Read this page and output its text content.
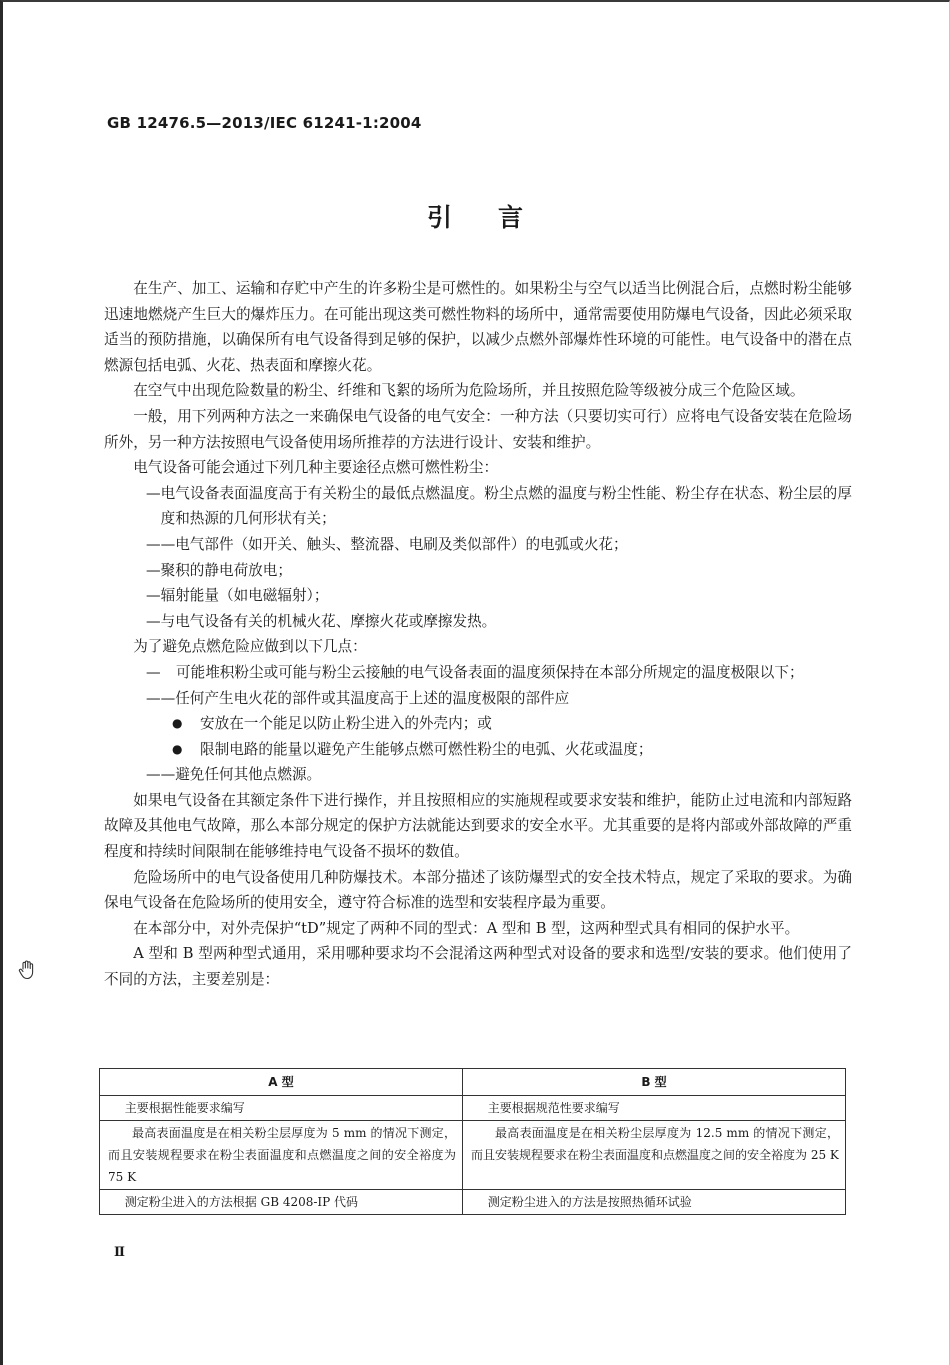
GB 12476.5—2013/IEC 61241-1:2004
引言

在生产、加工、运输和存贮中产生的许多粉尘是可燃性的。如果粉尘与空气以适当比例混合后，点燃时粉尘能够迅速地燃烧产生巨大的爆炸压力。在可能出现这类可燃性物料的场所中，通常需要使用防爆电气设备，因此必须采取适当的预防措施，以确保所有电气设备得到足够的保护，以减少点燃外部爆炸性环境的可能性。电气设备中的潜在点燃源包括电弧、火花、热表面和摩擦火花。

在空气中出现危险数量的粉尘、纤维和飞絮的场所为危险场所，并且按照危险等级被分成三个危险区域。

一般，用下列两种方法之一来确保电气设备的电气安全：一种方法（只要切实可行）应将电气设备安装在危险场所外，另一种方法按照电气设备使用场所推荐的方法进行设计、安装和维护。

电气设备可能会通过下列几种主要途径点燃可燃性粉尘：

— 电气设备表面温度高于有关粉尘的最低点燃温度。粉尘点燃的温度与粉尘性能、粉尘存在状态、粉尘层的厚度和热源的几何形状有关；
—— 电气部件（如开关、触头、整流器、电刷及类似部件）的电弧或火花；
— 聚积的静电荷放电；
— 辐射能量（如电磁辐射）；
— 与电气设备有关的机械火花、摩擦火花或摩擦发热。

为了避免点燃危险应做到以下几点：

—	可能堆积粉尘或可能与粉尘云接触的电气设备表面的温度须保持在本部分所规定的温度极限以下；
—— 任何产生电火花的部件或其温度高于上述的温度极限的部件应
●	安放在一个能足以防止粉尘进入的外壳内；或
●	限制电路的能量以避免产生能够点燃可燃性粉尘的电弧、火花或温度；
—— 避免任何其他点燃源。

如果电气设备在其额定条件下进行操作，并且按照相应的实施规程或要求安装和维护，能防止过电流和内部短路故障及其他电气故障，那么本部分规定的保护方法就能达到要求的安全水平。尤其重要的是将内部或外部故障的严重程度和持续时间限制在能够维持电气设备不损坏的数值。

危险场所中的电气设备使用几种防爆技术。本部分描述了该防爆型式的安全技术特点，规定了采取的要求。为确保电气设备在危险场所的使用安全，遵守符合标准的选型和安装程序最为重要。

在本部分中，对外壳保护“tD”规定了两种不同的型式：A 型和 B 型，这两种型式具有相同的保护水平。

A 型和 B 型两种型式通用，采用哪种要求均不会混淆这两种型式对设备的要求和选型/安装的要求。他们使用了不同的方法，主要差别是：

A 型	B 型
主要根据性能要求编写	主要根据规范性要求编写
最高表面温度是在相关粉尘层厚度为 5 mm 的情况下测定，而且安装规程要求在粉尘表面温度和点燃温度之间的安全裕度为 75 K	最高表面温度是在相关粉尘层厚度为 12.5 mm 的情况下测定，而且安装规程要求在粉尘表面温度和点燃温度之间的安全裕度为 25 K
测定粉尘进入的方法根据 GB 4208-IP 代码	测定粉尘进入的方法是按照热循环试验
Ⅱ
